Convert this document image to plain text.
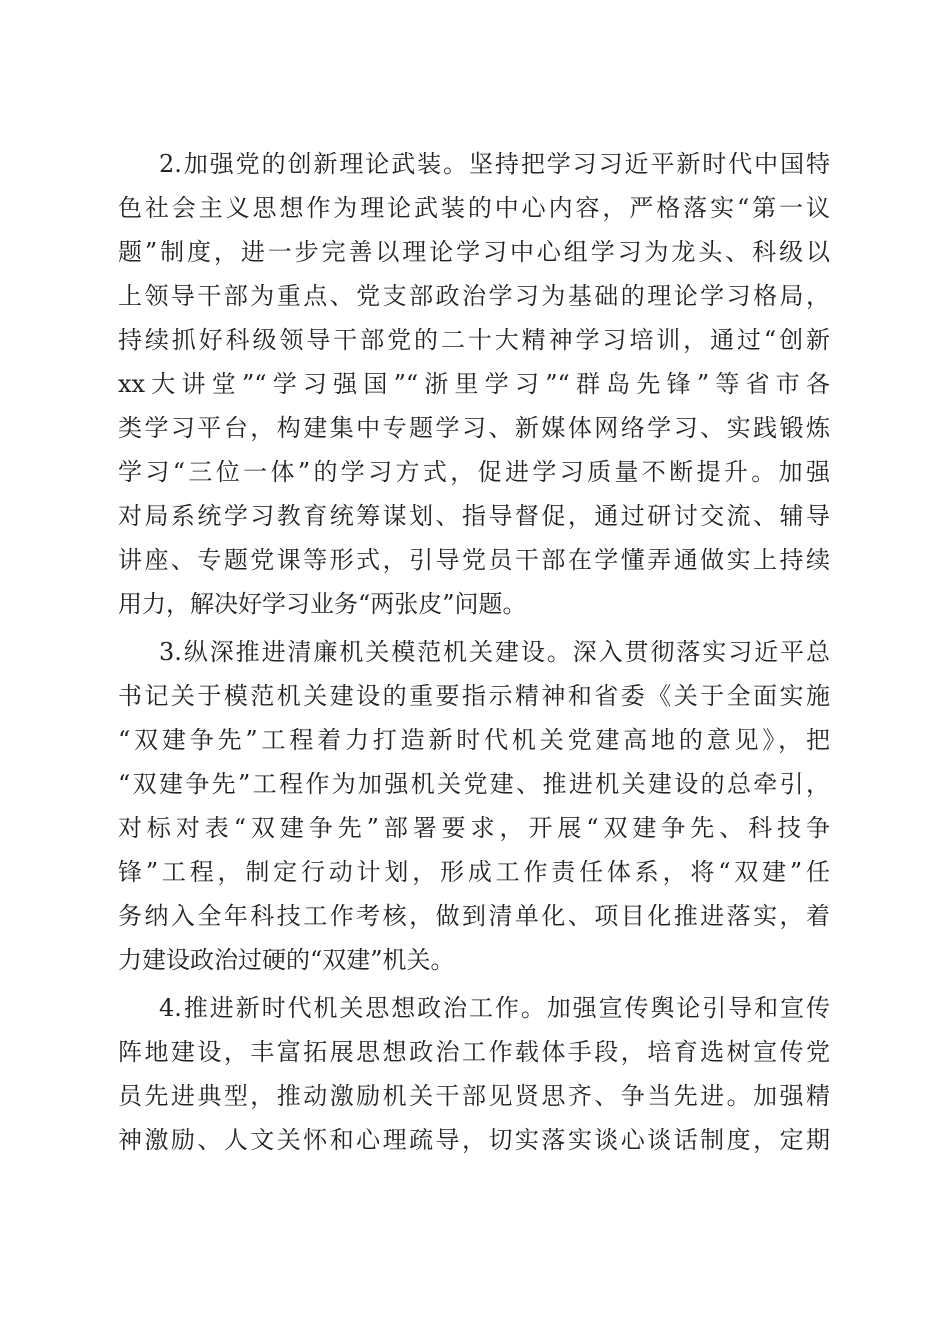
2.加强党的创新理论武装。坚持把学习习近平新时代中国特
色社会主义思想作为理论武装的中心内容，严格落实“第一议
题”制度，进一步完善以理论学习中心组学习为龙头、科级以
上领导干部为重点、党支部政治学习为基础的理论学习格局，
持续抓好科级领导干部党的二十大精神学习培训，通过“创新
xx大讲堂”“学习强国”“浙里学习”“群岛先锋”等省市各
类学习平台，构建集中专题学习、新媒体网络学习、实践锻炼
学习“三位一体”的学习方式，促进学习质量不断提升。加强
对局系统学习教育统筹谋划、指导督促，通过研讨交流、辅导
讲座、专题党课等形式，引导党员干部在学懂弄通做实上持续
用力，解决好学习业务“两张皮”问题。
3.纵深推进清廉机关模范机关建设。深入贯彻落实习近平总
书记关于模范机关建设的重要指示精神和省委《关于全面实施
“双建争先”工程着力打造新时代机关党建高地的意见》，把
“双建争先”工程作为加强机关党建、推进机关建设的总牵引，
对标对表“双建争先”部署要求，开展“双建争先、科技争
锋”工程，制定行动计划，形成工作责任体系，将“双建”任
务纳入全年科技工作考核，做到清单化、项目化推进落实，着
力建设政治过硬的“双建”机关。
4.推进新时代机关思想政治工作。加强宣传舆论引导和宣传
阵地建设，丰富拓展思想政治工作载体手段，培育选树宣传党
员先进典型，推动激励机关干部见贤思齐、争当先进。加强精
神激励、人文关怀和心理疏导，切实落实谈心谈话制度，定期
